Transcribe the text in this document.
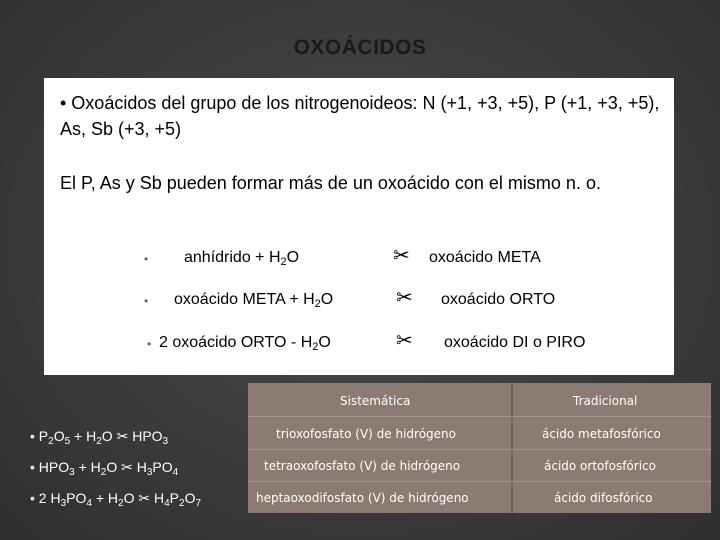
OXOÁCIDOS
• Oxoácidos del grupo de los nitrogenoideos: N (+1, +3, +5), P (+1, +3, +5), As, Sb (+3, +5)
El P, As y Sb pueden formar más de un oxoácido con el mismo n. o.
• anhídrido + $H_2O$	✂ oxoácido META
• oxoácido META + $H_2O$	✂ oxoácido ORTO
• 2 oxoácido ORTO - $H_2O$	✂ oxoácido DI o PIRO
• $P_2O_5 + H_2O$ ✂ $HPO_3$
• $HPO_3 + H_2O$ ✂ $H_3PO_4$
• 2 $H_3PO_4 + H_2O$ ✂ $H_4P_2O_7$
Sistemática	Tradicional
trioxofosfato (V) de hidrógeno	ácido metafosfórico
tetraoxofosfato (V) de hidrógeno	ácido ortofosfórico
heptaoxodifosfato (V) de hidrógeno	ácido difosfórico
